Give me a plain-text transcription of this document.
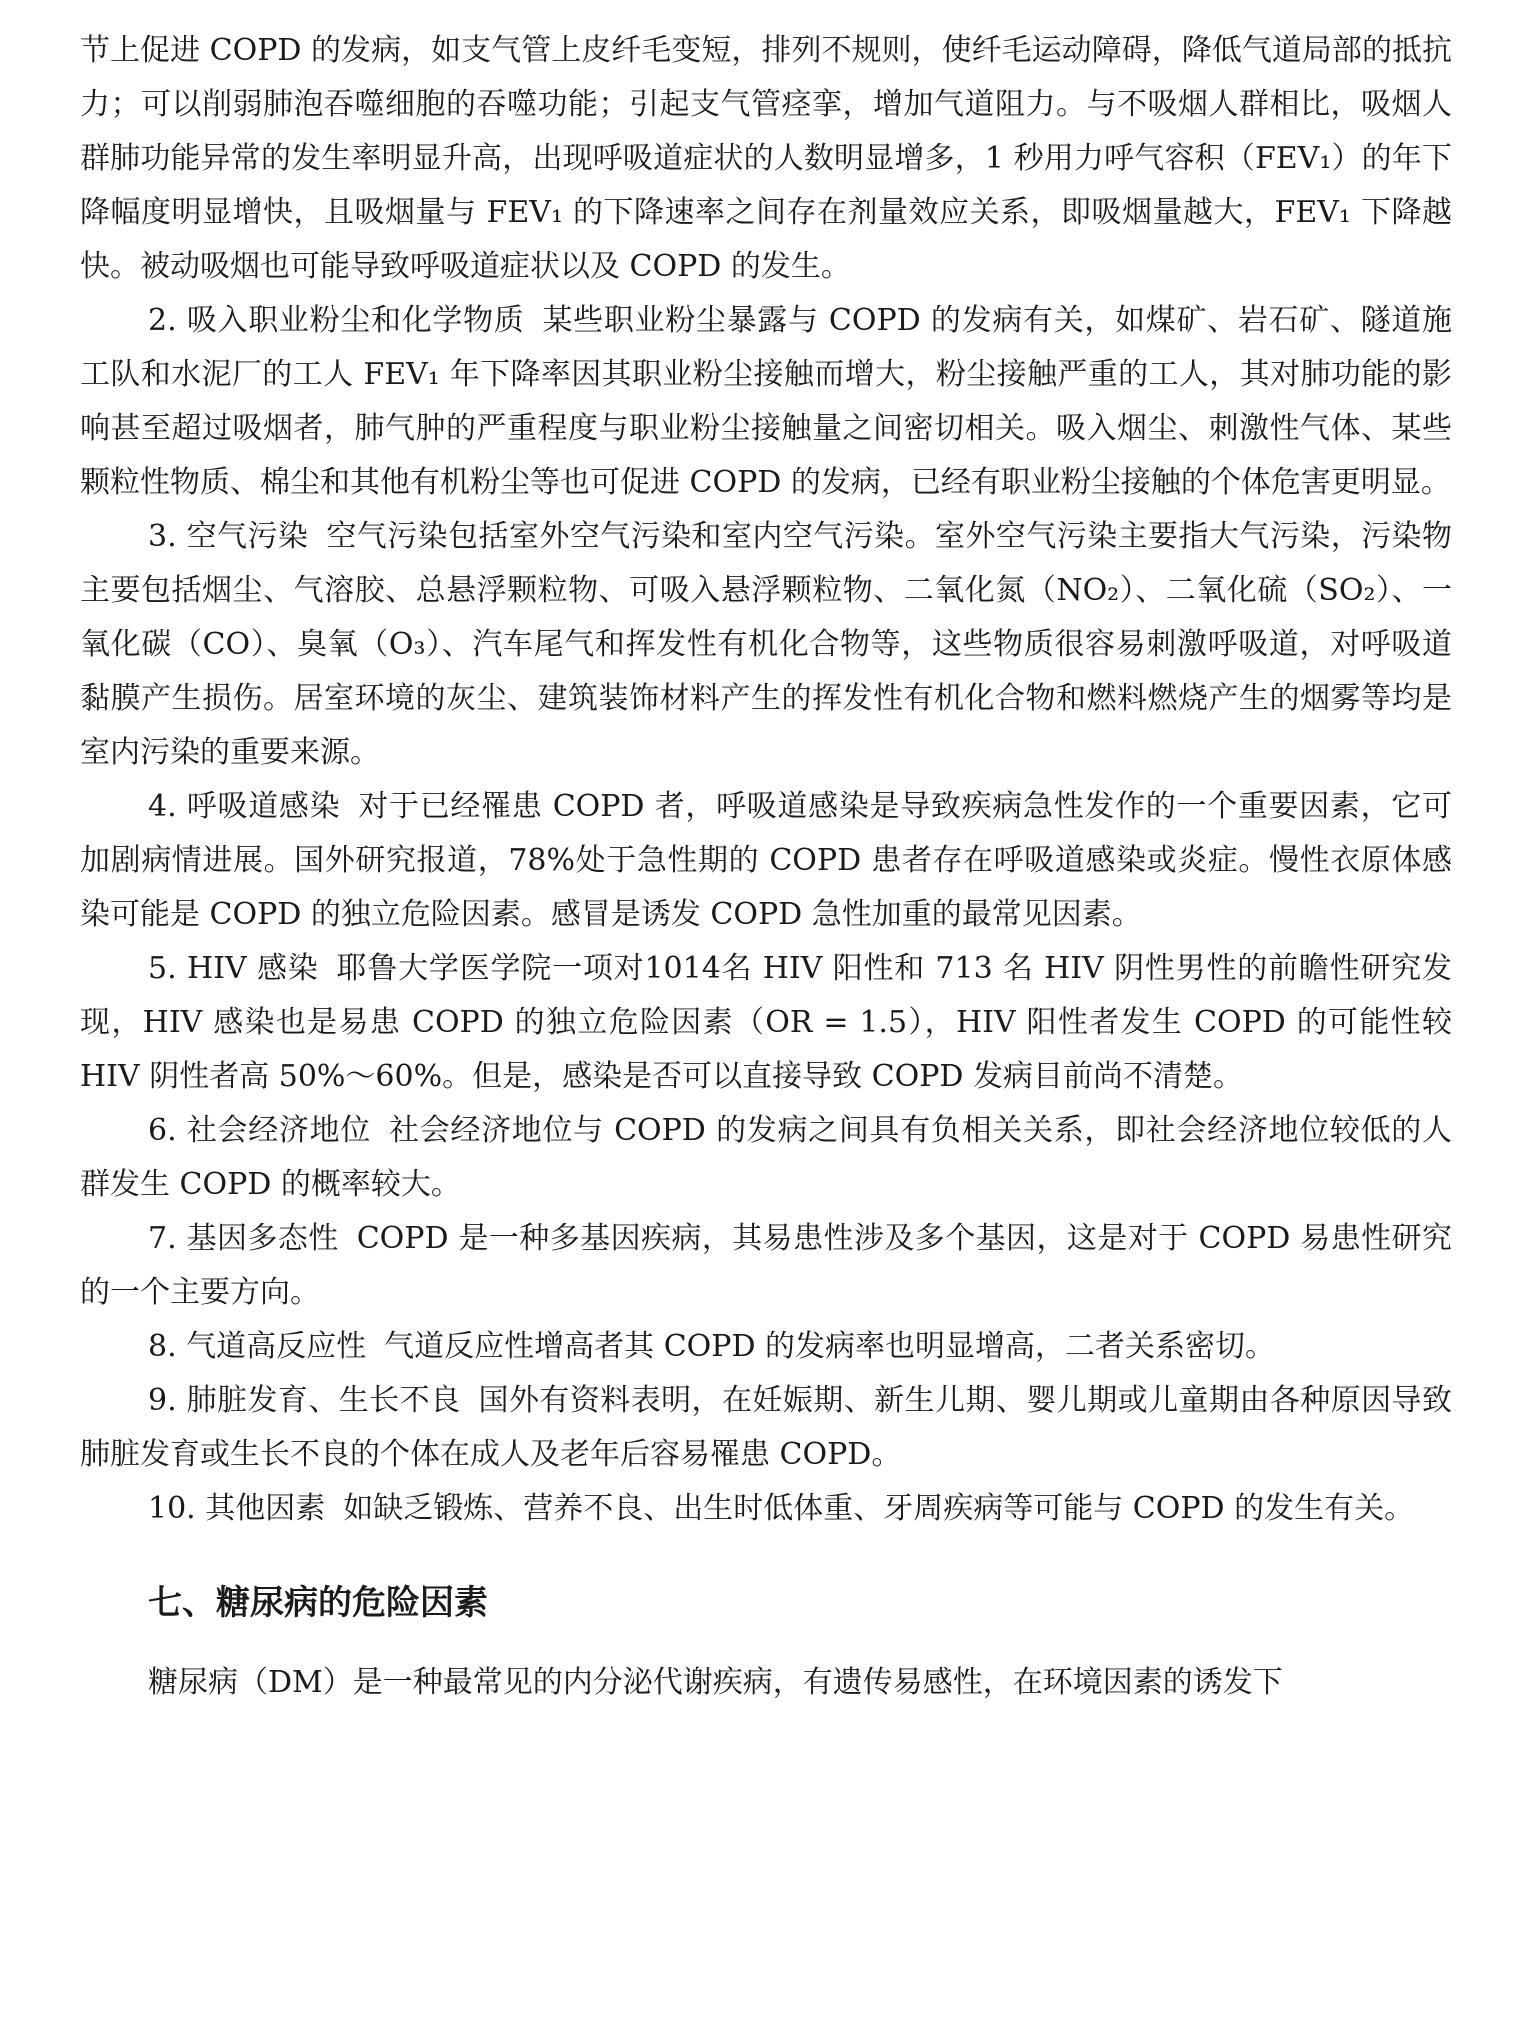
节上促进 COPD 的发病，如支气管上皮纤毛变短，排列不规则，使纤毛运动障碍，降低气道局部的抵抗力；可以削弱肺泡吞噬细胞的吞噬功能；引起支气管痉挛，增加气道阻力。与不吸烟人群相比，吸烟人群肺功能异常的发生率明显升高，出现呼吸道症状的人数明显增多，1 秒用力呼气容积（FEV₁）的年下降幅度明显增快，且吸烟量与 FEV₁ 的下降速率之间存在剂量效应关系，即吸烟量越大，FEV₁ 下降越快。被动吸烟也可能导致呼吸道症状以及 COPD 的发生。

2. 吸入职业粉尘和化学物质 某些职业粉尘暴露与 COPD 的发病有关，如煤矿、岩石矿、隧道施工队和水泥厂的工人 FEV₁ 年下降率因其职业粉尘接触而增大，粉尘接触严重的工人，其对肺功能的影响甚至超过吸烟者，肺气肿的严重程度与职业粉尘接触量之间密切相关。吸入烟尘、刺激性气体、某些颗粒性物质、棉尘和其他有机粉尘等也可促进 COPD 的发病，已经有职业粉尘接触的个体危害更明显。

3. 空气污染 空气污染包括室外空气污染和室内空气污染。室外空气污染主要指大气污染，污染物主要包括烟尘、气溶胶、总悬浮颗粒物、可吸入悬浮颗粒物、二氧化氮（NO₂）、二氧化硫（SO₂）、一氧化碳（CO）、臭氧（O₃）、汽车尾气和挥发性有机化合物等，这些物质很容易刺激呼吸道，对呼吸道黏膜产生损伤。居室环境的灰尘、建筑装饰材料产生的挥发性有机化合物和燃料燃烧产生的烟雾等均是室内污染的重要来源。

4. 呼吸道感染 对于已经罹患 COPD 者，呼吸道感染是导致疾病急性发作的一个重要因素，它可加剧病情进展。国外研究报道，78%处于急性期的 COPD 患者存在呼吸道感染或炎症。慢性衣原体感染可能是 COPD 的独立危险因素。感冒是诱发 COPD 急性加重的最常见因素。

5. HIV 感染 耶鲁大学医学院一项对1014名 HIV 阳性和 713 名 HIV 阴性男性的前瞻性研究发现，HIV 感染也是易患 COPD 的独立危险因素（OR = 1.5），HIV 阳性者发生 COPD 的可能性较 HIV 阴性者高 50%～60%。但是，感染是否可以直接导致 COPD 发病目前尚不清楚。

6. 社会经济地位 社会经济地位与 COPD 的发病之间具有负相关关系，即社会经济地位较低的人群发生 COPD 的概率较大。

7. 基因多态性 COPD 是一种多基因疾病，其易患性涉及多个基因，这是对于 COPD 易患性研究的一个主要方向。

8. 气道高反应性 气道反应性增高者其 COPD 的发病率也明显增高，二者关系密切。

9. 肺脏发育、生长不良 国外有资料表明，在妊娠期、新生儿期、婴儿期或儿童期由各种原因导致肺脏发育或生长不良的个体在成人及老年后容易罹患 COPD。

10. 其他因素 如缺乏锻炼、营养不良、出生时低体重、牙周疾病等可能与 COPD 的发生有关。

七、糖尿病的危险因素

糖尿病（DM）是一种最常见的内分泌代谢疾病，有遗传易感性，在环境因素的诱发下
